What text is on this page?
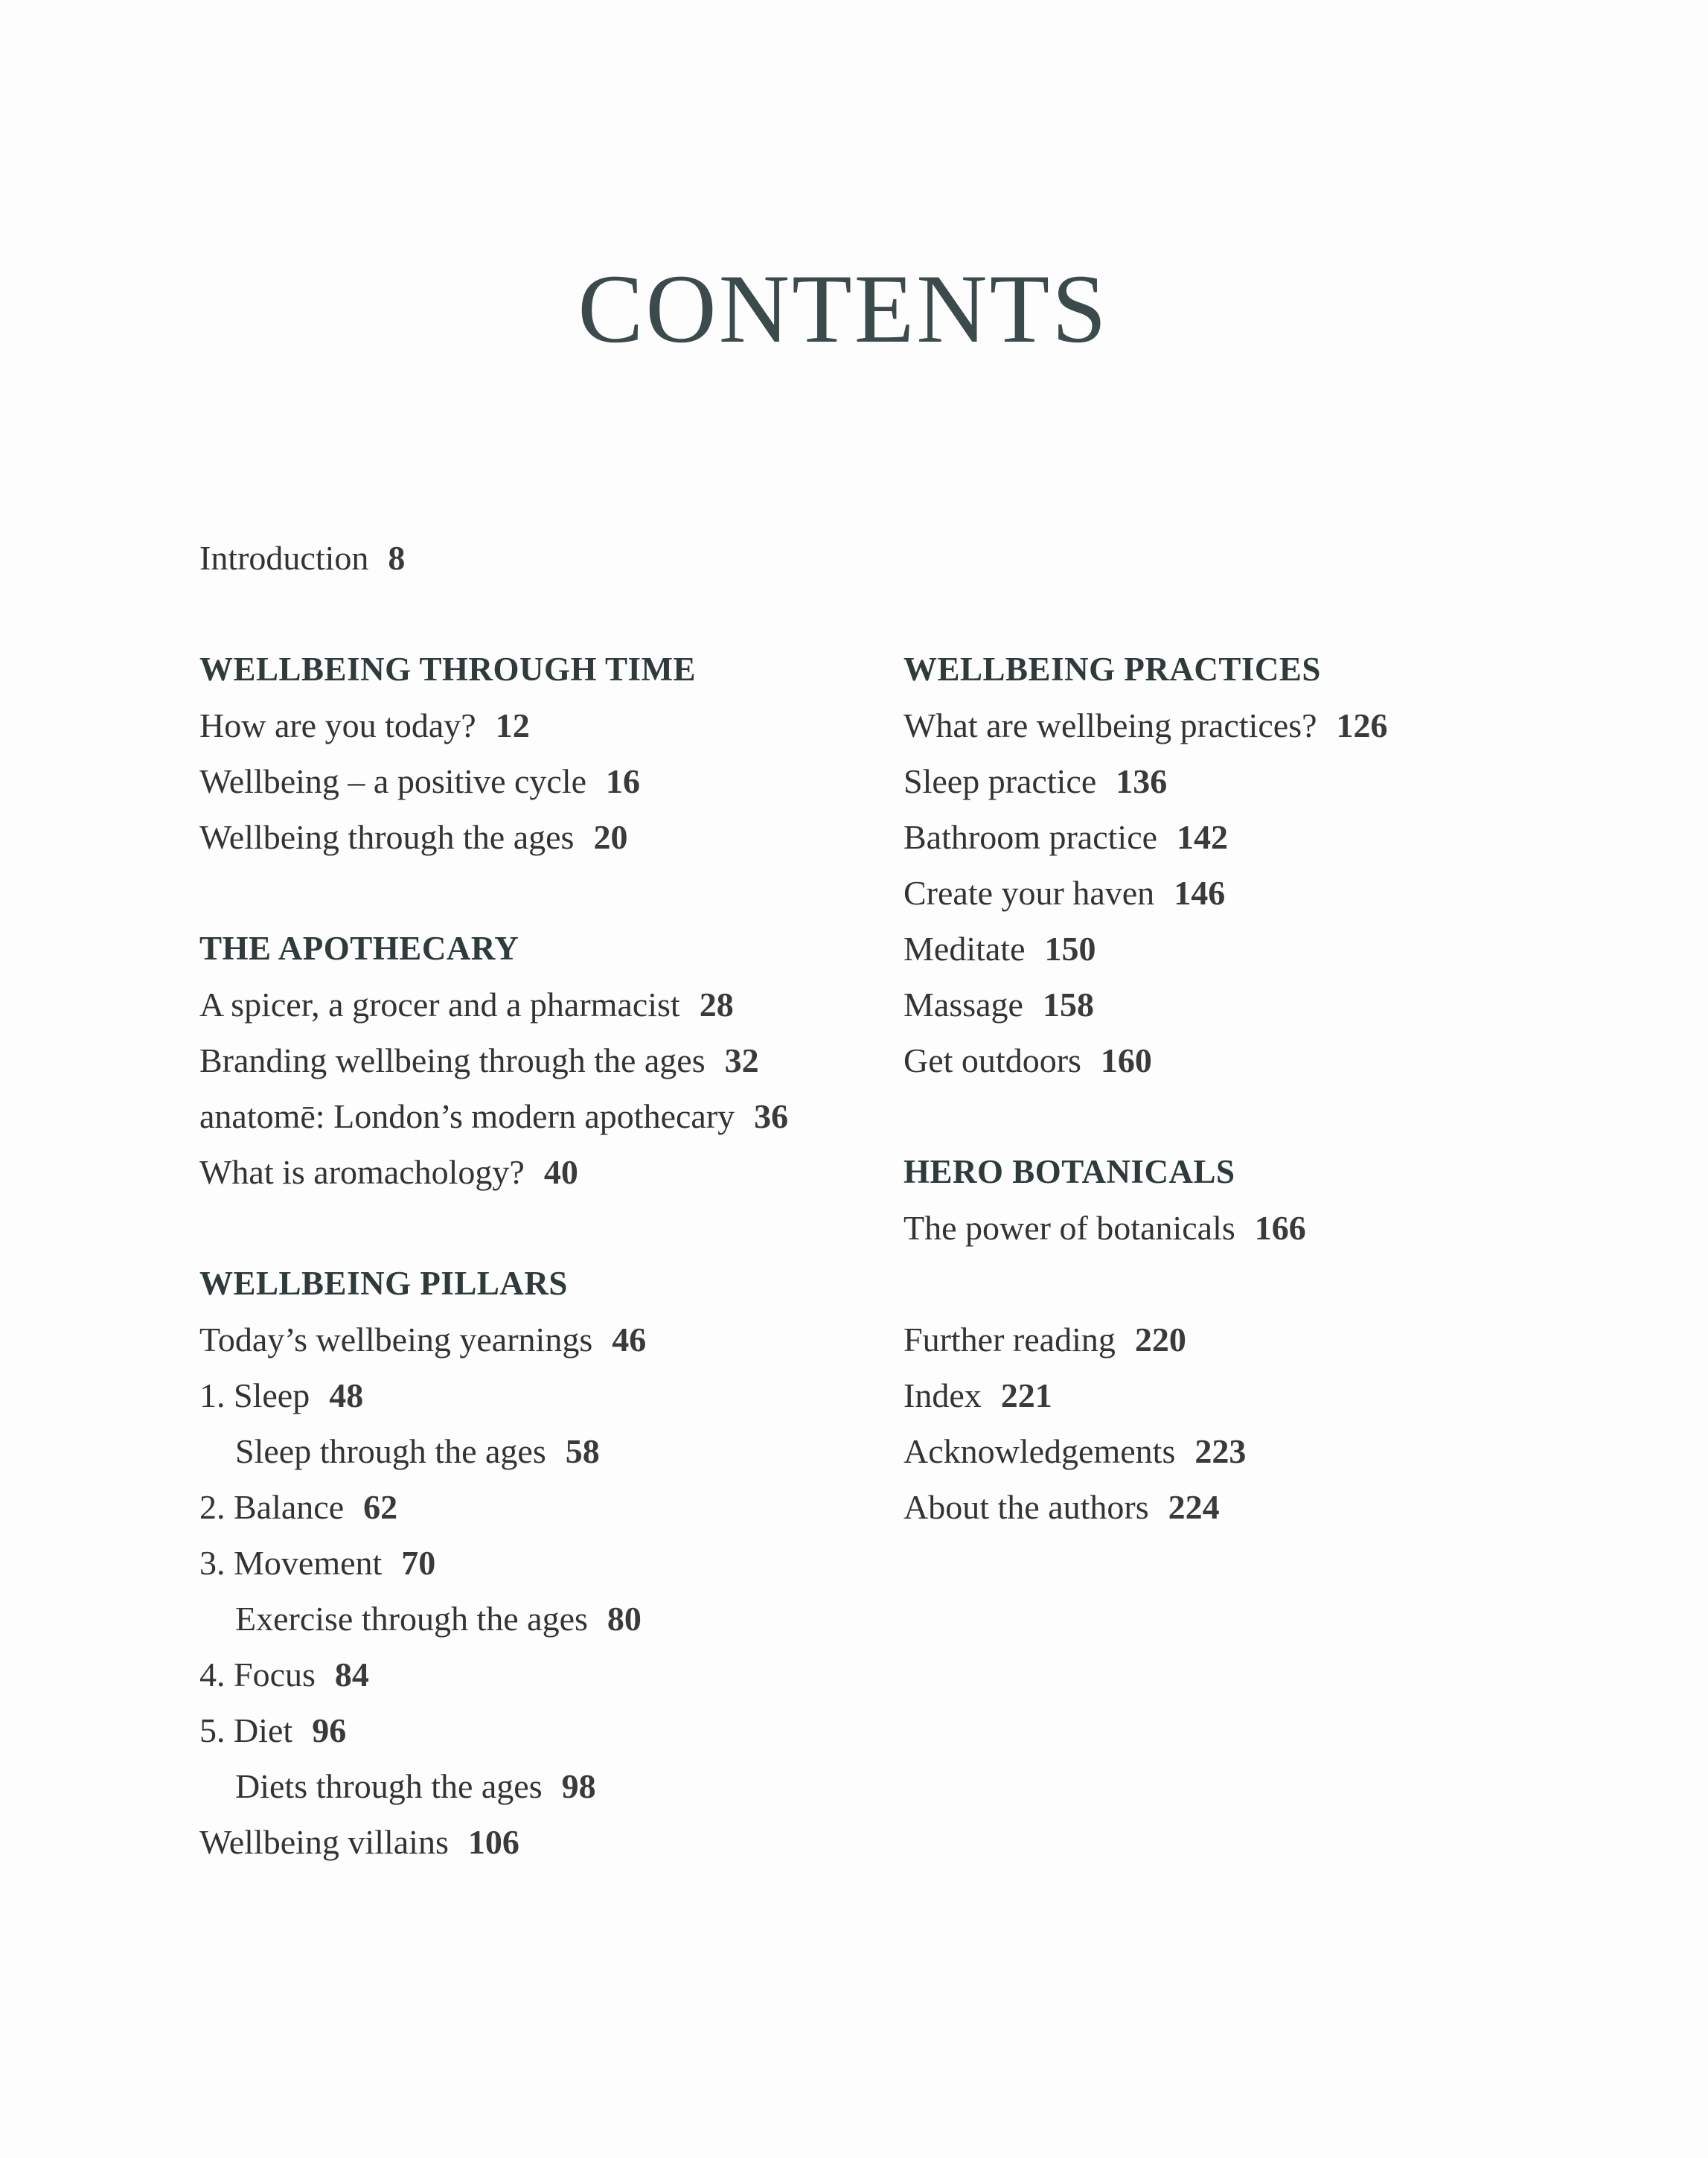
CONTENTS
Introduction 8
WELLBEING THROUGH TIME
How are you today? 12
Wellbeing – a positive cycle 16
Wellbeing through the ages 20
THE APOTHECARY
A spicer, a grocer and a pharmacist 28
Branding wellbeing through the ages 32
anatomē: London’s modern apothecary 36
What is aromachology? 40
WELLBEING PILLARS
Today’s wellbeing yearnings 46
1. Sleep 48
Sleep through the ages 58
2. Balance 62
3. Movement 70
Exercise through the ages 80
4. Focus 84
5. Diet 96
Diets through the ages 98
Wellbeing villains 106
WELLBEING PRACTICES
What are wellbeing practices? 126
Sleep practice 136
Bathroom practice 142
Create your haven 146
Meditate 150
Massage 158
Get outdoors 160
HERO BOTANICALS
The power of botanicals 166
Further reading 220
Index 221
Acknowledgements 223
About the authors 224
